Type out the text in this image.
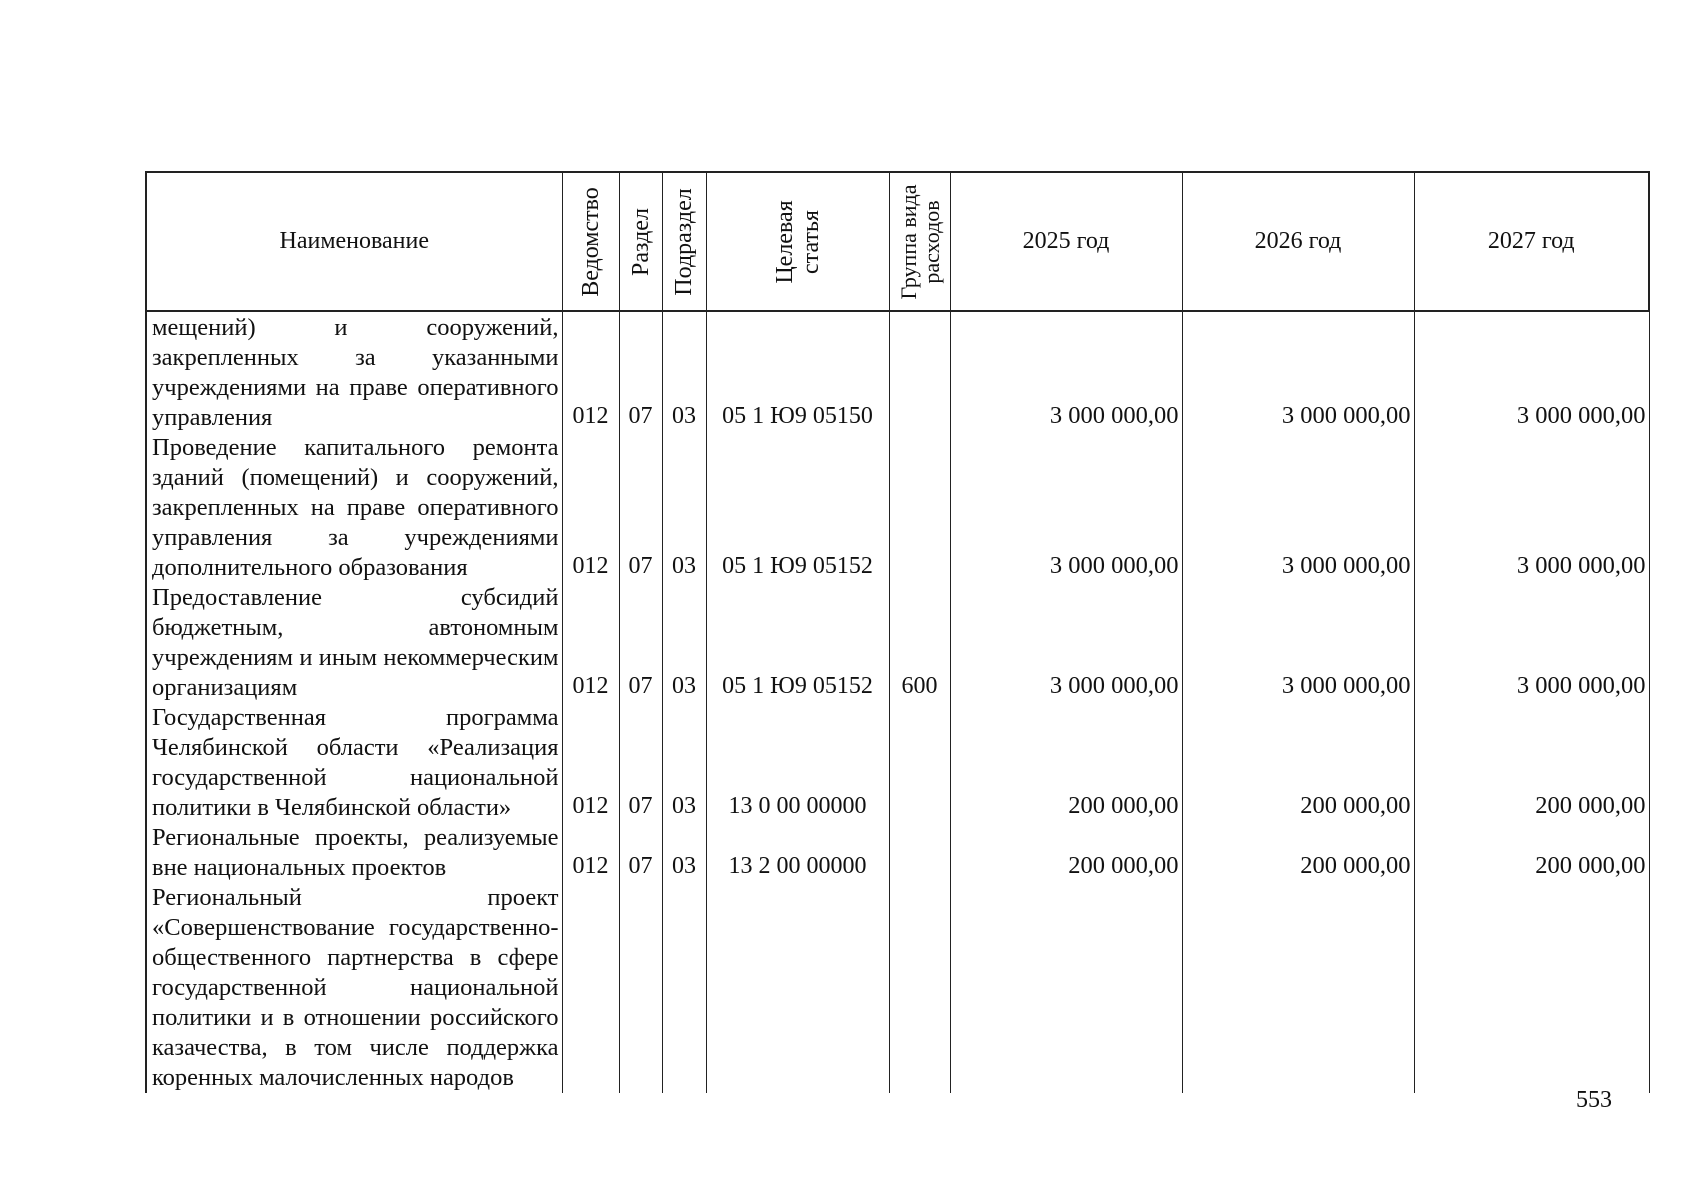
Наименование	Ведомство	Раздел	Подраздел	Целевая
статья	Группа вида
расходов	2025 год	2026 год	2027 год
мещений) и сооружений, закрепленных за указанными учреждениями на праве оперативного управления	012	07	03	05 1 Ю9 05150		3 000 000,00	3 000 000,00	3 000 000,00
Проведение капитального ремонта зданий (помещений) и сооружений, закрепленных на праве оперативного управления за учреждениями дополнительного образования	012	07	03	05 1 Ю9 05152		3 000 000,00	3 000 000,00	3 000 000,00
Предоставление субсидий бюджетным, автономным учреждениям и иным некоммерческим организациям	012	07	03	05 1 Ю9 05152	600	3 000 000,00	3 000 000,00	3 000 000,00
Государственная программа Челябинской области «Реализация государственной национальной политики в Челябинской области»	012	07	03	13 0 00 00000		200 000,00	200 000,00	200 000,00
Региональные проекты, реализуемые вне национальных проектов	012	07	03	13 2 00 00000		200 000,00	200 000,00	200 000,00
Региональный проект «Совершенствование государственно-общественного партнерства в сфере государственной национальной политики и в отношении российского казачества, в том числе поддержка коренных малочисленных народов								
553
